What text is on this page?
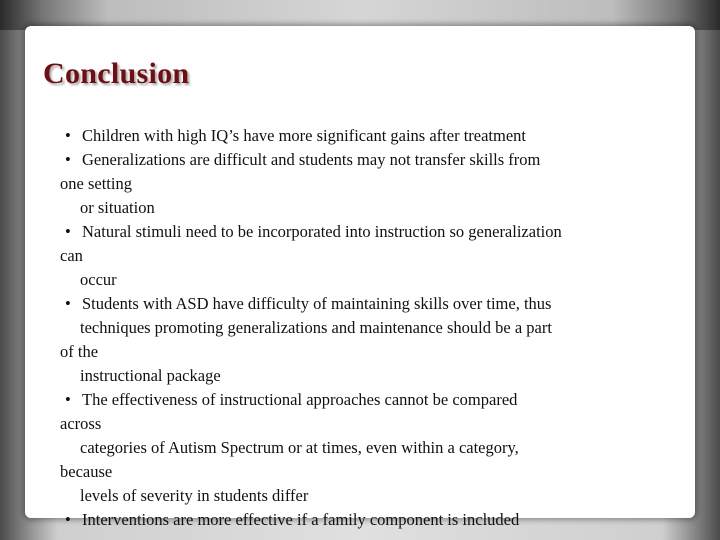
Conclusion
• Children with high IQ’s have more significant gains after treatment
• Generalizations are difficult and students may not transfer skills from
one setting
or situation
• Natural stimuli need to be incorporated into instruction so generalization
can
occur
• Students with ASD have difficulty of maintaining skills over time, thus
techniques promoting generalizations and maintenance should be a part
of the
instructional package
• The effectiveness of instructional approaches cannot be compared
across
categories of Autism Spectrum or at times, even within a category,
because
levels of severity in students differ
• Interventions are more effective if a family component is included
